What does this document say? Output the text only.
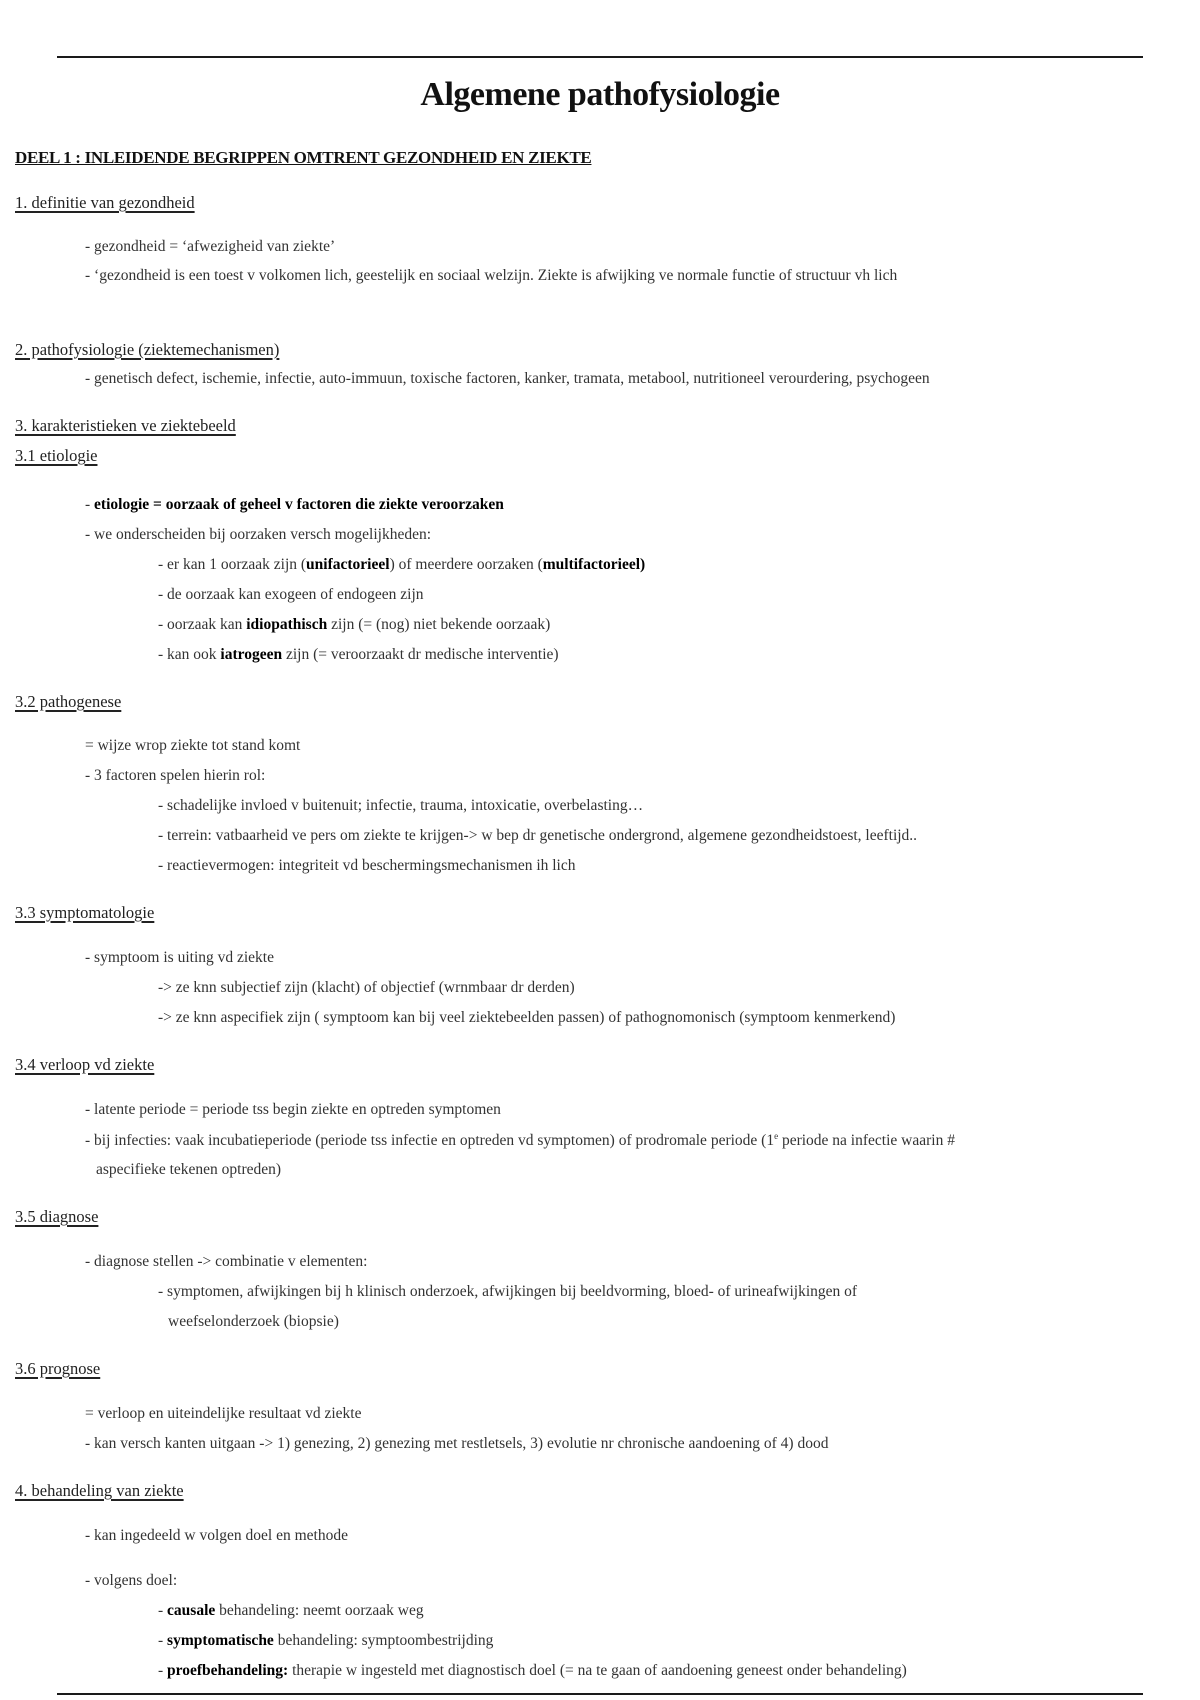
Algemene pathofysiologie
DEEL 1 : INLEIDENDE BEGRIPPEN OMTRENT GEZONDHEID EN ZIEKTE
1. definitie van gezondheid
- gezondheid = ‘afwezigheid van ziekte’
- ‘gezondheid is een toest v volkomen lich, geestelijk en sociaal welzijn. Ziekte is afwijking ve normale functie of structuur vh lich
2. pathofysiologie (ziektemechanismen)
- genetisch defect, ischemie, infectie, auto-immuun, toxische factoren, kanker, tramata, metabool, nutritioneel verourdering, psychogeen
3. karakteristieken ve ziektebeeld
3.1 etiologie
- etiologie = oorzaak of geheel v factoren die ziekte veroorzaken
- we onderscheiden bij oorzaken versch mogelijkheden:
- er kan 1 oorzaak zijn (unifactorieel) of meerdere oorzaken (multifactorieel)
- de oorzaak kan exogeen of endogeen zijn
- oorzaak kan idiopathisch zijn (= (nog) niet bekende oorzaak)
- kan ook iatrogeen zijn (= veroorzaakt dr medische interventie)
3.2 pathogenese
= wijze wrop ziekte tot stand komt
- 3 factoren spelen hierin rol:
- schadelijke invloed v buitenuit; infectie, trauma, intoxicatie, overbelasting…
- terrein: vatbaarheid ve pers om ziekte te krijgen-> w bep dr genetische ondergrond, algemene gezondheidstoest, leeftijd..
- reactievermogen: integriteit vd beschermingsmechanismen ih lich
3.3 symptomatologie
- symptoom is uiting vd ziekte
-> ze knn subjectief zijn (klacht) of objectief (wrnmbaar dr derden)
-> ze knn aspecifiek zijn ( symptoom kan bij veel ziektebeelden passen) of pathognomonisch (symptoom kenmerkend)
3.4 verloop vd ziekte
- latente periode = periode tss begin ziekte en optreden symptomen
- bij infecties: vaak incubatieperiode (periode tss infectie en optreden vd symptomen) of prodromale periode (1e periode na infectie waarin #
aspecifieke tekenen optreden)
3.5 diagnose
- diagnose stellen -> combinatie v elementen:
- symptomen, afwijkingen bij h klinisch onderzoek, afwijkingen bij beeldvorming, bloed- of urineafwijkingen of
weefselonderzoek (biopsie)
3.6 prognose
= verloop en uiteindelijke resultaat vd ziekte
- kan versch kanten uitgaan -> 1) genezing, 2) genezing met restletsels, 3) evolutie nr chronische aandoening of 4) dood
4. behandeling van ziekte
- kan ingedeeld w volgen doel en methode
- volgens doel:
- causale behandeling: neemt oorzaak weg
- symptomatische behandeling: symptoombestrijding
- proefbehandeling: therapie w ingesteld met diagnostisch doel (= na te gaan of aandoening geneest onder behandeling)
